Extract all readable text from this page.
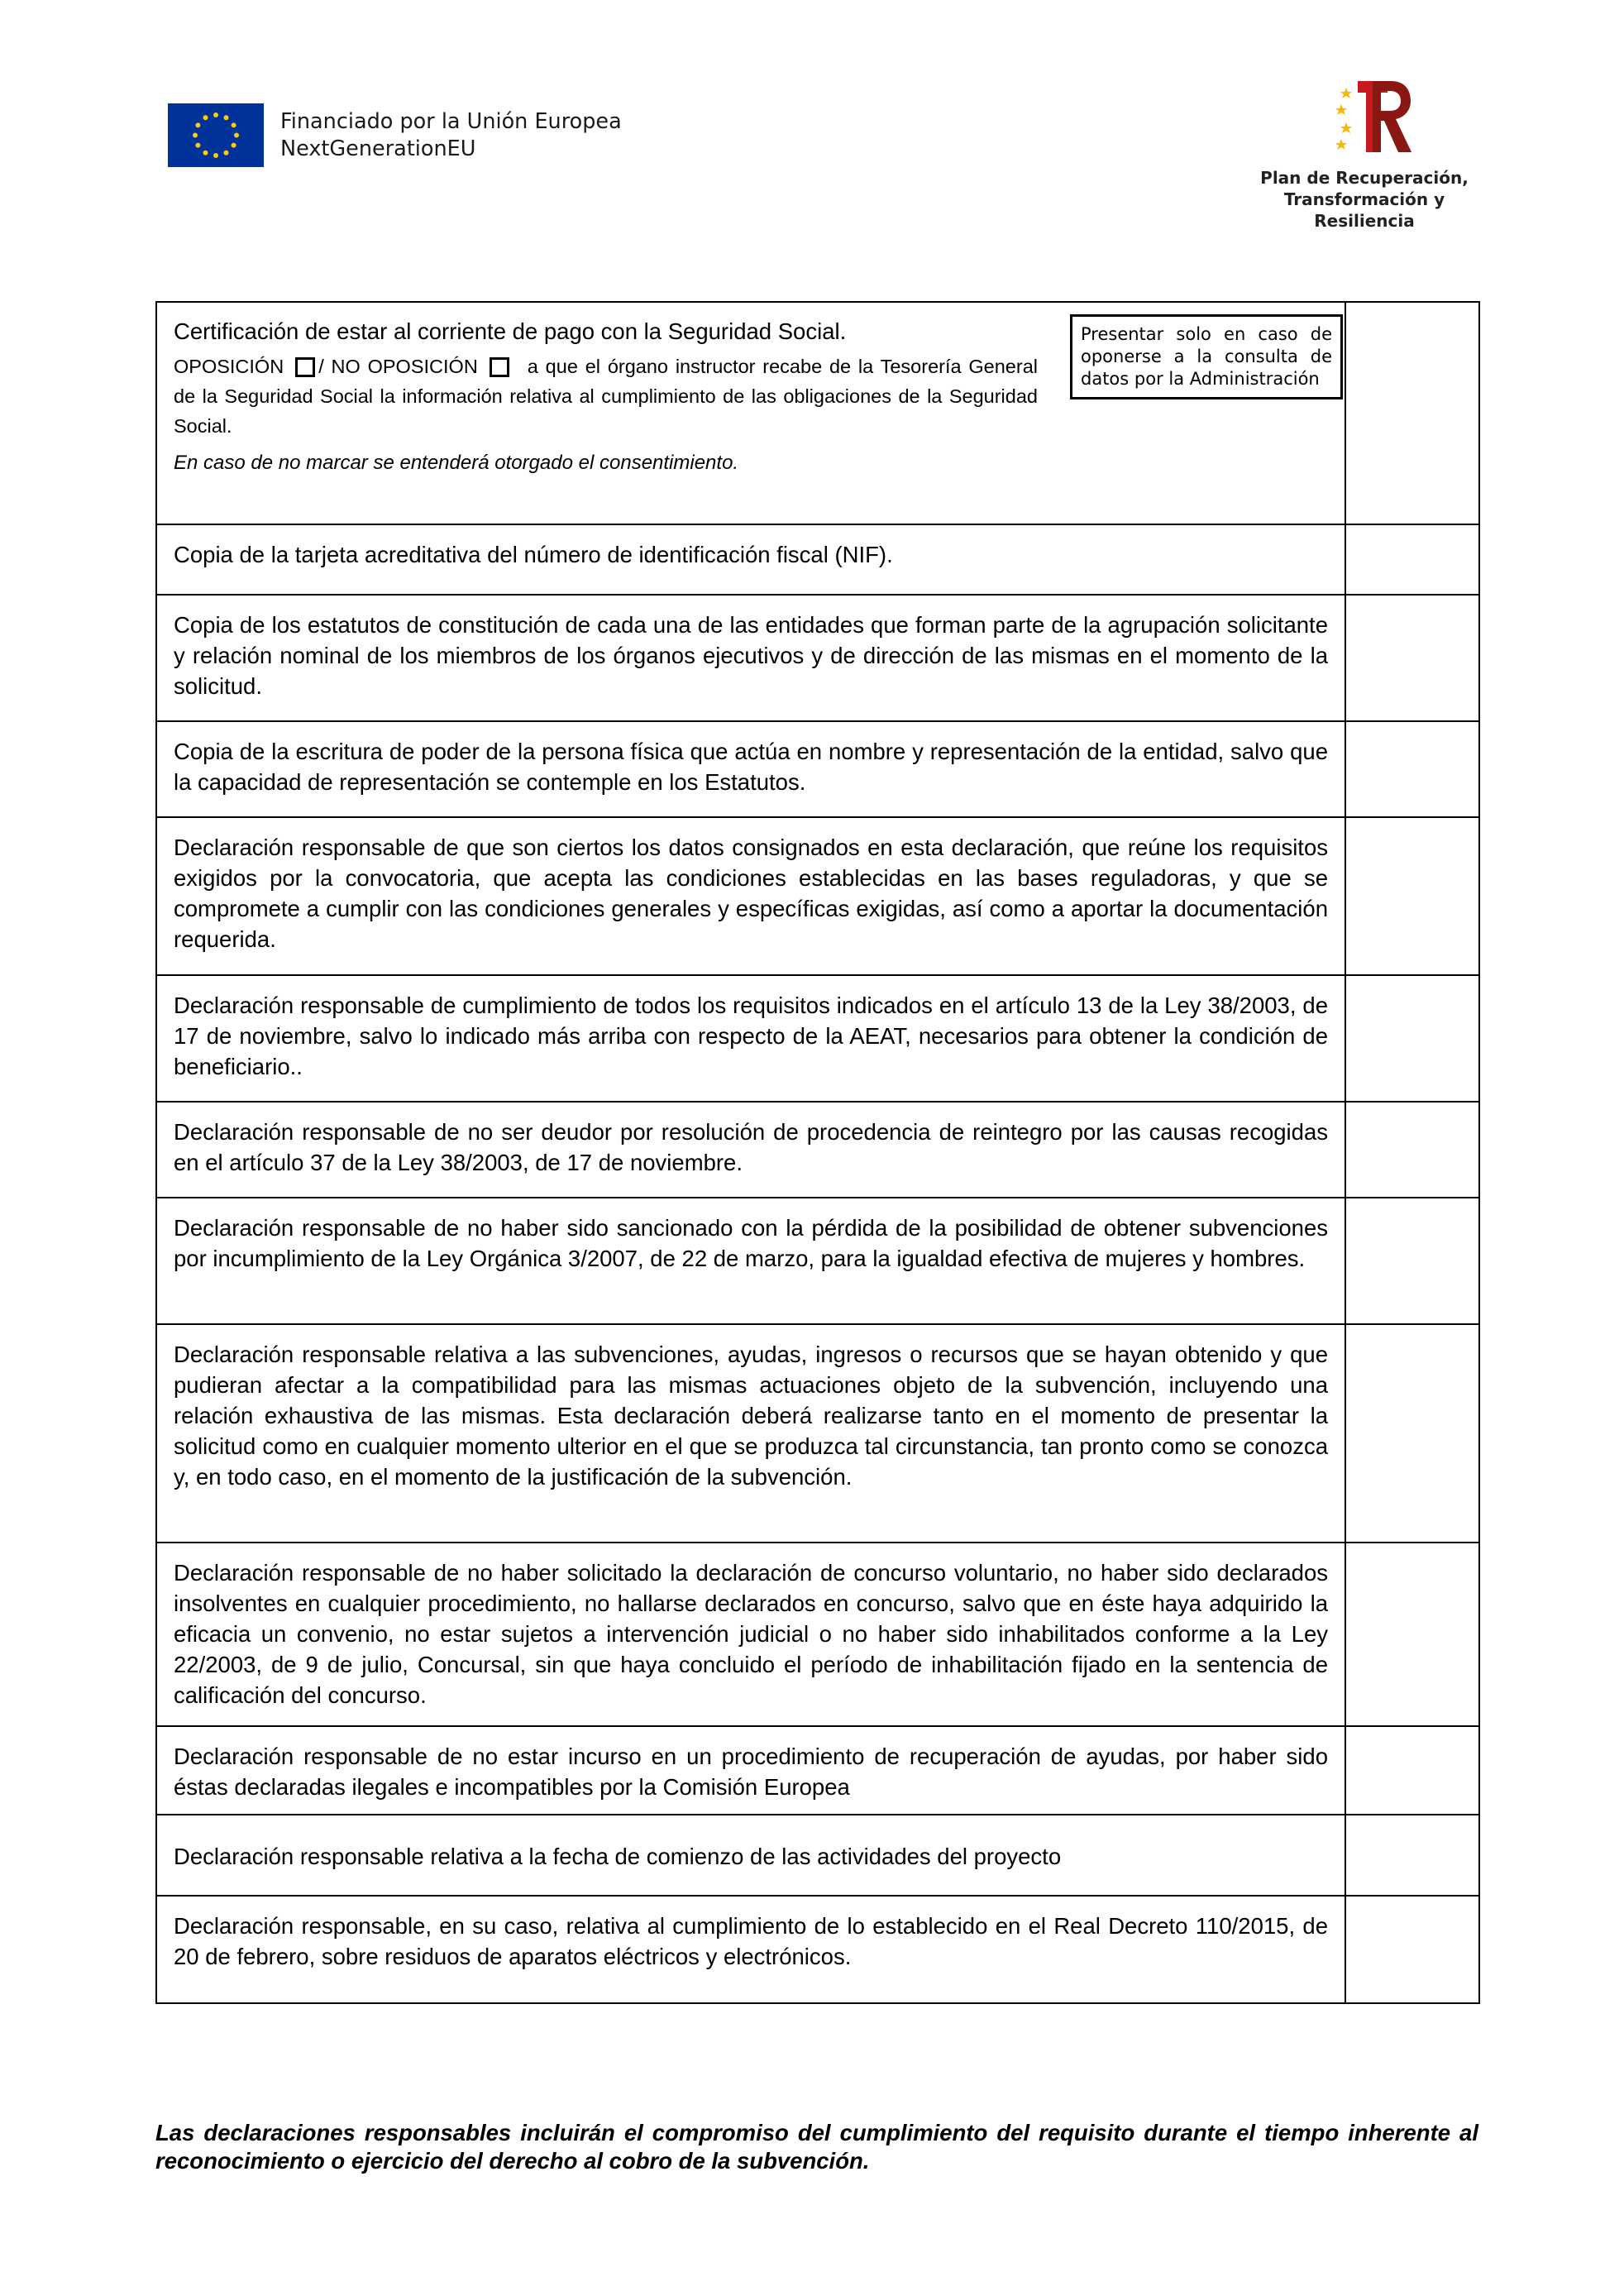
Financiado por la Unión Europea
NextGenerationEU
Plan de Recuperación,
Transformación y
Resiliencia
Certificación de estar al corriente de pago con la Seguridad Social.
OPOSICIÓN / NO OPOSICIÓN a que el órgano instructor recabe de la Tesorería General de la Seguridad Social la información relativa al cumplimiento de las obligaciones de la Seguridad Social.
En caso de no marcar se entenderá otorgado el consentimiento.
Presentar solo en caso de oponerse a la consulta de datos por la Administración	

Copia de la tarjeta acreditativa del número de identificación fiscal (NIF).	

Copia de los estatutos de constitución de cada una de las entidades que forman parte de la agrupación solicitante y relación nominal de los miembros de los órganos ejecutivos y de dirección de las mismas en el momento de la solicitud.	

Copia de la escritura de poder de la persona física que actúa en nombre y representación de la entidad, salvo que la capacidad de representación se contemple en los Estatutos.	

Declaración responsable de que son ciertos los datos consignados en esta declaración, que reúne los requisitos exigidos por la convocatoria, que acepta las condiciones establecidas en las bases reguladoras, y que se compromete a cumplir con las condiciones generales y específicas exigidas, así como a aportar la documentación requerida.	

Declaración responsable de cumplimiento de todos los requisitos indicados en el artículo 13 de la Ley 38/2003, de 17 de noviembre, salvo lo indicado más arriba con respecto de la AEAT, necesarios para obtener la condición de beneficiario..	

Declaración responsable de no ser deudor por resolución de procedencia de reintegro por las causas recogidas en el artículo 37 de la Ley 38/2003, de 17 de noviembre.	

Declaración responsable de no haber sido sancionado con la pérdida de la posibilidad de obtener subvenciones por incumplimiento de la Ley Orgánica 3/2007, de 22 de marzo, para la igualdad efectiva de mujeres y hombres.	

Declaración responsable relativa a las subvenciones, ayudas, ingresos o recursos que se hayan obtenido y que pudieran afectar a la compatibilidad para las mismas actuaciones objeto de la subvención, incluyendo una relación exhaustiva de las mismas. Esta declaración deberá realizarse tanto en el momento de presentar la solicitud como en cualquier momento ulterior en el que se produzca tal circunstancia, tan pronto como se conozca y, en todo caso, en el momento de la justificación de la subvención.	

Declaración responsable de no haber solicitado la declaración de concurso voluntario, no haber sido declarados insolventes en cualquier procedimiento, no hallarse declarados en concurso, salvo que en éste haya adquirido la eficacia un convenio, no estar sujetos a intervención judicial o no haber sido inhabilitados conforme a la Ley 22/2003, de 9 de julio, Concursal, sin que haya concluido el período de inhabilitación fijado en la sentencia de calificación del concurso.	

Declaración responsable de no estar incurso en un procedimiento de recuperación de ayudas, por haber sido éstas declaradas ilegales e incompatibles por la Comisión Europea	

Declaración responsable relativa a la fecha de comienzo de las actividades del proyecto	

Declaración responsable, en su caso, relativa al cumplimiento de lo establecido en el Real Decreto 110/2015, de 20 de febrero, sobre residuos de aparatos eléctricos y electrónicos.	

Las declaraciones responsables incluirán el compromiso del cumplimiento del requisito durante el tiempo inherente al reconocimiento o ejercicio del derecho al cobro de la subvención.
